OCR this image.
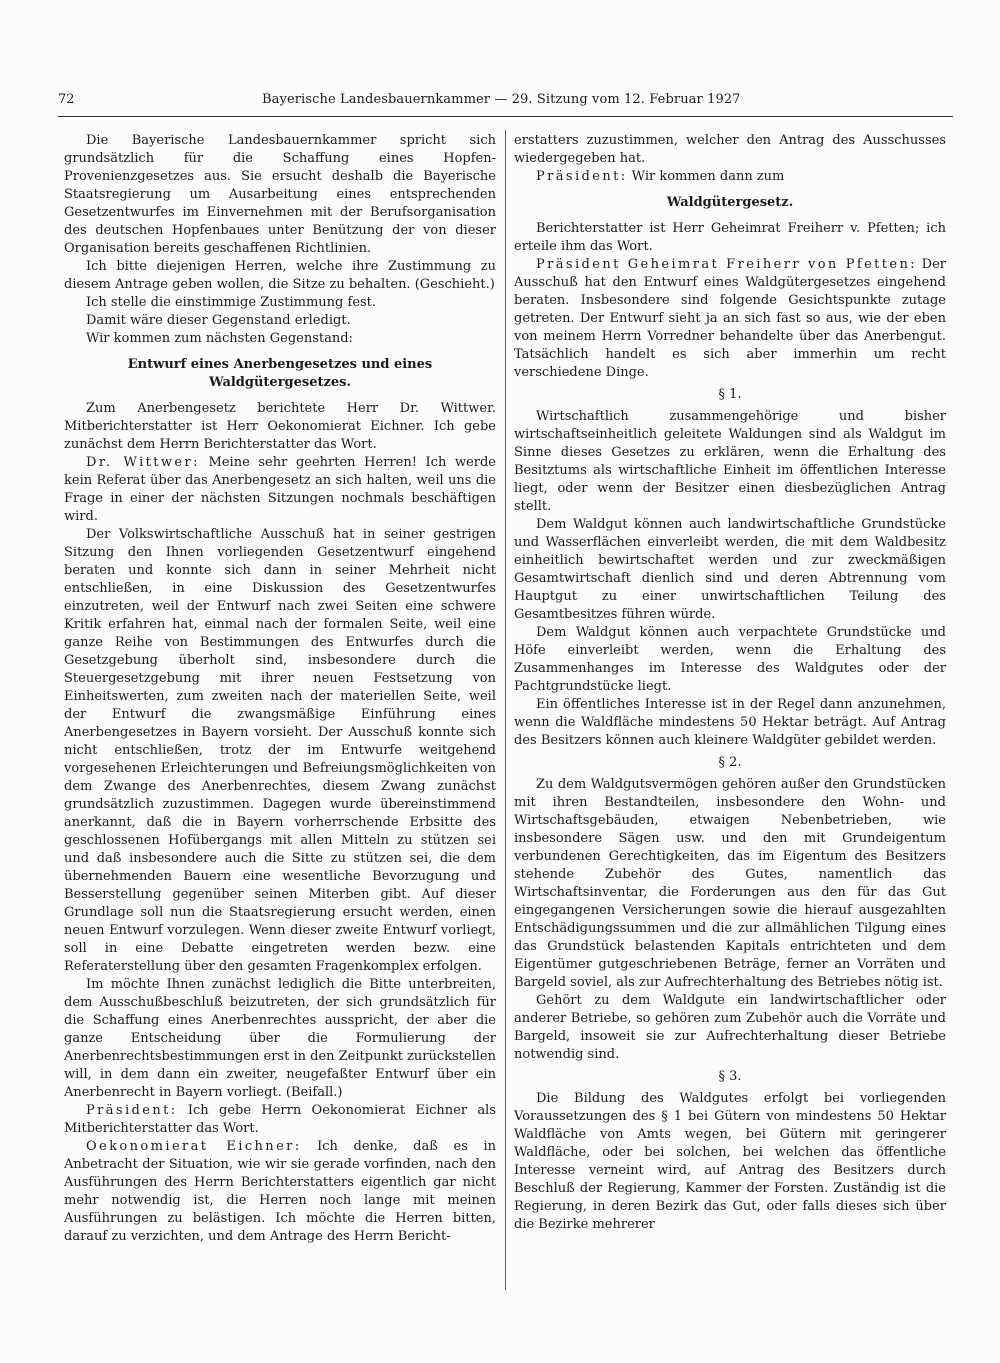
72	Bayerische Landesbauernkammer — 29. Sitzung vom 12. Februar 1927

Die Bayerische Landesbauernkammer spricht sich grundsätzlich für die Schaffung eines Hopfen-Provenienzgesetzes aus. Sie ersucht deshalb die Bayerische Staatsregierung um Ausarbeitung eines entsprechenden Gesetzentwurfes im Einvernehmen mit der Berufsorganisation des deutschen Hopfenbaues unter Benützung der von dieser Organisation bereits geschaffenen Richtlinien.

Ich bitte diejenigen Herren, welche ihre Zustimmung zu diesem Antrage geben wollen, die Sitze zu behalten. (Geschieht.)

Ich stelle die einstimmige Zustimmung fest.

Damit wäre dieser Gegenstand erledigt.

Wir kommen zum nächsten Gegenstand:

Entwurf eines Anerbengesetzes und eines Waldgütergesetzes.

Zum Anerbengesetz berichtete Herr Dr. Wittwer. Mitberichterstatter ist Herr Oekonomierat Eichner. Ich gebe zunächst dem Herrn Berichterstatter das Wort.

Dr. Wittwer: Meine sehr geehrten Herren! Ich werde kein Referat über das Anerbengesetz an sich halten, weil uns die Frage in einer der nächsten Sitzungen nochmals beschäftigen wird.

Der Volkswirtschaftliche Ausschuß hat in seiner gestrigen Sitzung den Ihnen vorliegenden Gesetzentwurf eingehend beraten und konnte sich dann in seiner Mehrheit nicht entschließen, in eine Diskussion des Gesetzentwurfes einzutreten, weil der Entwurf nach zwei Seiten eine schwere Kritik erfahren hat, einmal nach der formalen Seite, weil eine ganze Reihe von Bestimmungen des Entwurfes durch die Gesetzgebung überholt sind, insbesondere durch die Steuergesetzgebung mit ihrer neuen Festsetzung von Einheitswerten, zum zweiten nach der materiellen Seite, weil der Entwurf die zwangsmäßige Einführung eines Anerbengesetzes in Bayern vorsieht. Der Ausschuß konnte sich nicht entschließen, trotz der im Entwurfe weitgehend vorgesehenen Erleichterungen und Befreiungsmöglichkeiten von dem Zwange des Anerbenrechtes, diesem Zwang zunächst grundsätzlich zuzustimmen. Dagegen wurde übereinstimmend anerkannt, daß die in Bayern vorherrschende Erbsitte des geschlossenen Hofübergangs mit allen Mitteln zu stützen sei und daß insbesondere auch die Sitte zu stützen sei, die dem übernehmenden Bauern eine wesentliche Bevorzugung und Besserstellung gegenüber seinen Miterben gibt. Auf dieser Grundlage soll nun die Staatsregierung ersucht werden, einen neuen Entwurf vorzulegen. Wenn dieser zweite Entwurf vorliegt, soll in eine Debatte eingetreten werden bezw. eine Referaterstellung über den gesamten Fragenkomplex erfolgen.

Im möchte Ihnen zunächst lediglich die Bitte unterbreiten, dem Ausschußbeschluß beizutreten, der sich grundsätzlich für die Schaffung eines Anerbenrechtes ausspricht, der aber die ganze Entscheidung über die Formulierung der Anerbenrechtsbestimmungen erst in den Zeitpunkt zurückstellen will, in dem dann ein zweiter, neugefaßter Entwurf über ein Anerbenrecht in Bayern vorliegt. (Beifall.)

Präsident: Ich gebe Herrn Oekonomierat Eichner als Mitberichterstatter das Wort.

Oekonomierat Eichner: Ich denke, daß es in Anbetracht der Situation, wie wir sie gerade vorfinden, nach den Ausführungen des Herrn Berichterstatters eigentlich gar nicht mehr notwendig ist, die Herren noch lange mit meinen Ausführungen zu belästigen. Ich möchte die Herren bitten, darauf zu verzichten, und dem Antrage des Herrn Bericht-

erstatters zuzustimmen, welcher den Antrag des Ausschusses wiedergegeben hat.

Präsident: Wir kommen dann zum

Waldgütergesetz.

Berichterstatter ist Herr Geheimrat Freiherr v. Pfetten; ich erteile ihm das Wort.

Präsident Geheimrat Freiherr von Pfetten: Der Ausschuß hat den Entwurf eines Waldgütergesetzes eingehend beraten. Insbesondere sind folgende Gesichtspunkte zutage getreten. Der Entwurf sieht ja an sich fast so aus, wie der eben von meinem Herrn Vorredner behandelte über das Anerbengut. Tatsächlich handelt es sich aber immerhin um recht verschiedene Dinge.

§ 1.

Wirtschaftlich zusammengehörige und bisher wirtschaftseinheitlich geleitete Waldungen sind als Waldgut im Sinne dieses Gesetzes zu erklären, wenn die Erhaltung des Besitztums als wirtschaftliche Einheit im öffentlichen Interesse liegt, oder wenn der Besitzer einen diesbezüglichen Antrag stellt.

Dem Waldgut können auch landwirtschaftliche Grundstücke und Wasserflächen einverleibt werden, die mit dem Waldbesitz einheitlich bewirtschaftet werden und zur zweckmäßigen Gesamtwirtschaft dienlich sind und deren Abtrennung vom Hauptgut zu einer unwirtschaftlichen Teilung des Gesamtbesitzes führen würde.

Dem Waldgut können auch verpachtete Grundstücke und Höfe einverleibt werden, wenn die Erhaltung des Zusammenhanges im Interesse des Waldgutes oder der Pachtgrundstücke liegt.

Ein öffentliches Interesse ist in der Regel dann anzunehmen, wenn die Waldfläche mindestens 50 Hektar beträgt. Auf Antrag des Besitzers können auch kleinere Waldgüter gebildet werden.

§ 2.

Zu dem Waldgutsvermögen gehören außer den Grundstücken mit ihren Bestandteilen, insbesondere den Wohn- und Wirtschaftsgebäuden, etwaigen Nebenbetrieben, wie insbesondere Sägen usw. und den mit Grundeigentum verbundenen Gerechtigkeiten, das im Eigentum des Besitzers stehende Zubehör des Gutes, namentlich das Wirtschaftsinventar, die Forderungen aus den für das Gut eingegangenen Versicherungen sowie die hierauf ausgezahlten Entschädigungssummen und die zur allmählichen Tilgung eines das Grundstück belastenden Kapitals entrichteten und dem Eigentümer gutgeschriebenen Beträge, ferner an Vorräten und Bargeld soviel, als zur Aufrechterhaltung des Betriebes nötig ist.

Gehört zu dem Waldgute ein landwirtschaftlicher oder anderer Betriebe, so gehören zum Zubehör auch die Vorräte und Bargeld, insoweit sie zur Aufrechterhaltung dieser Betriebe notwendig sind.

§ 3.

Die Bildung des Waldgutes erfolgt bei vorliegenden Voraussetzungen des § 1 bei Gütern von mindestens 50 Hektar Waldfläche von Amts wegen, bei Gütern mit geringerer Waldfläche, oder bei solchen, bei welchen das öffentliche Interesse verneint wird, auf Antrag des Besitzers durch Beschluß der Regierung, Kammer der Forsten. Zuständig ist die Regierung, in deren Bezirk das Gut, oder falls dieses sich über die Bezirke mehrerer
